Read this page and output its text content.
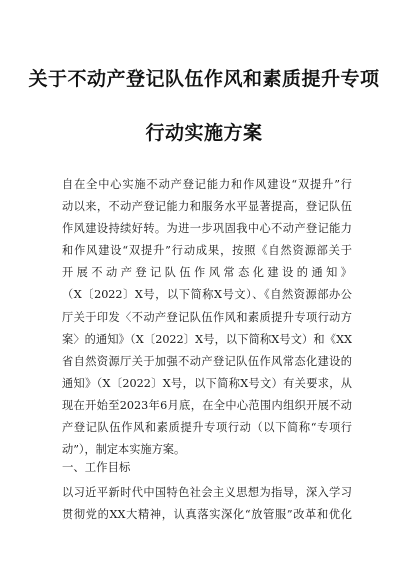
关于不动产登记队伍作风和素质提升专项
行动实施方案
自在全中心实施不动产登记能力和作风建设“双提升”行
动以来，不动产登记能力和服务水平显著提高，登记队伍
作风建设持续好转。为进一步巩固我中心不动产登记能力
和作风建设“双提升”行动成果，按照《自然资源部关于
开展不动产登记队伍作风常态化建设的通知》
（X〔2022〕X号，以下简称X号文）、《自然资源部办公
厅关于印发〈不动产登记队伍作风和素质提升专项行动方
案〉的通知》（X〔2022〕X号，以下简称X号文）和《XX
省自然资源厅关于加强不动产登记队伍作风常态化建设的
通知》（X〔2022〕X号，以下简称X号文）有关要求，从
现在开始至2023年6月底，在全中心范围内组织开展不动
产登记队伍作风和素质提升专项行动（以下简称“专项行
动”），制定本实施方案。
一、工作目标
以习近平新时代中国特色社会主义思想为指导，深入学习
贯彻党的XX大精神，认真落实深化“放管服”改革和优化
